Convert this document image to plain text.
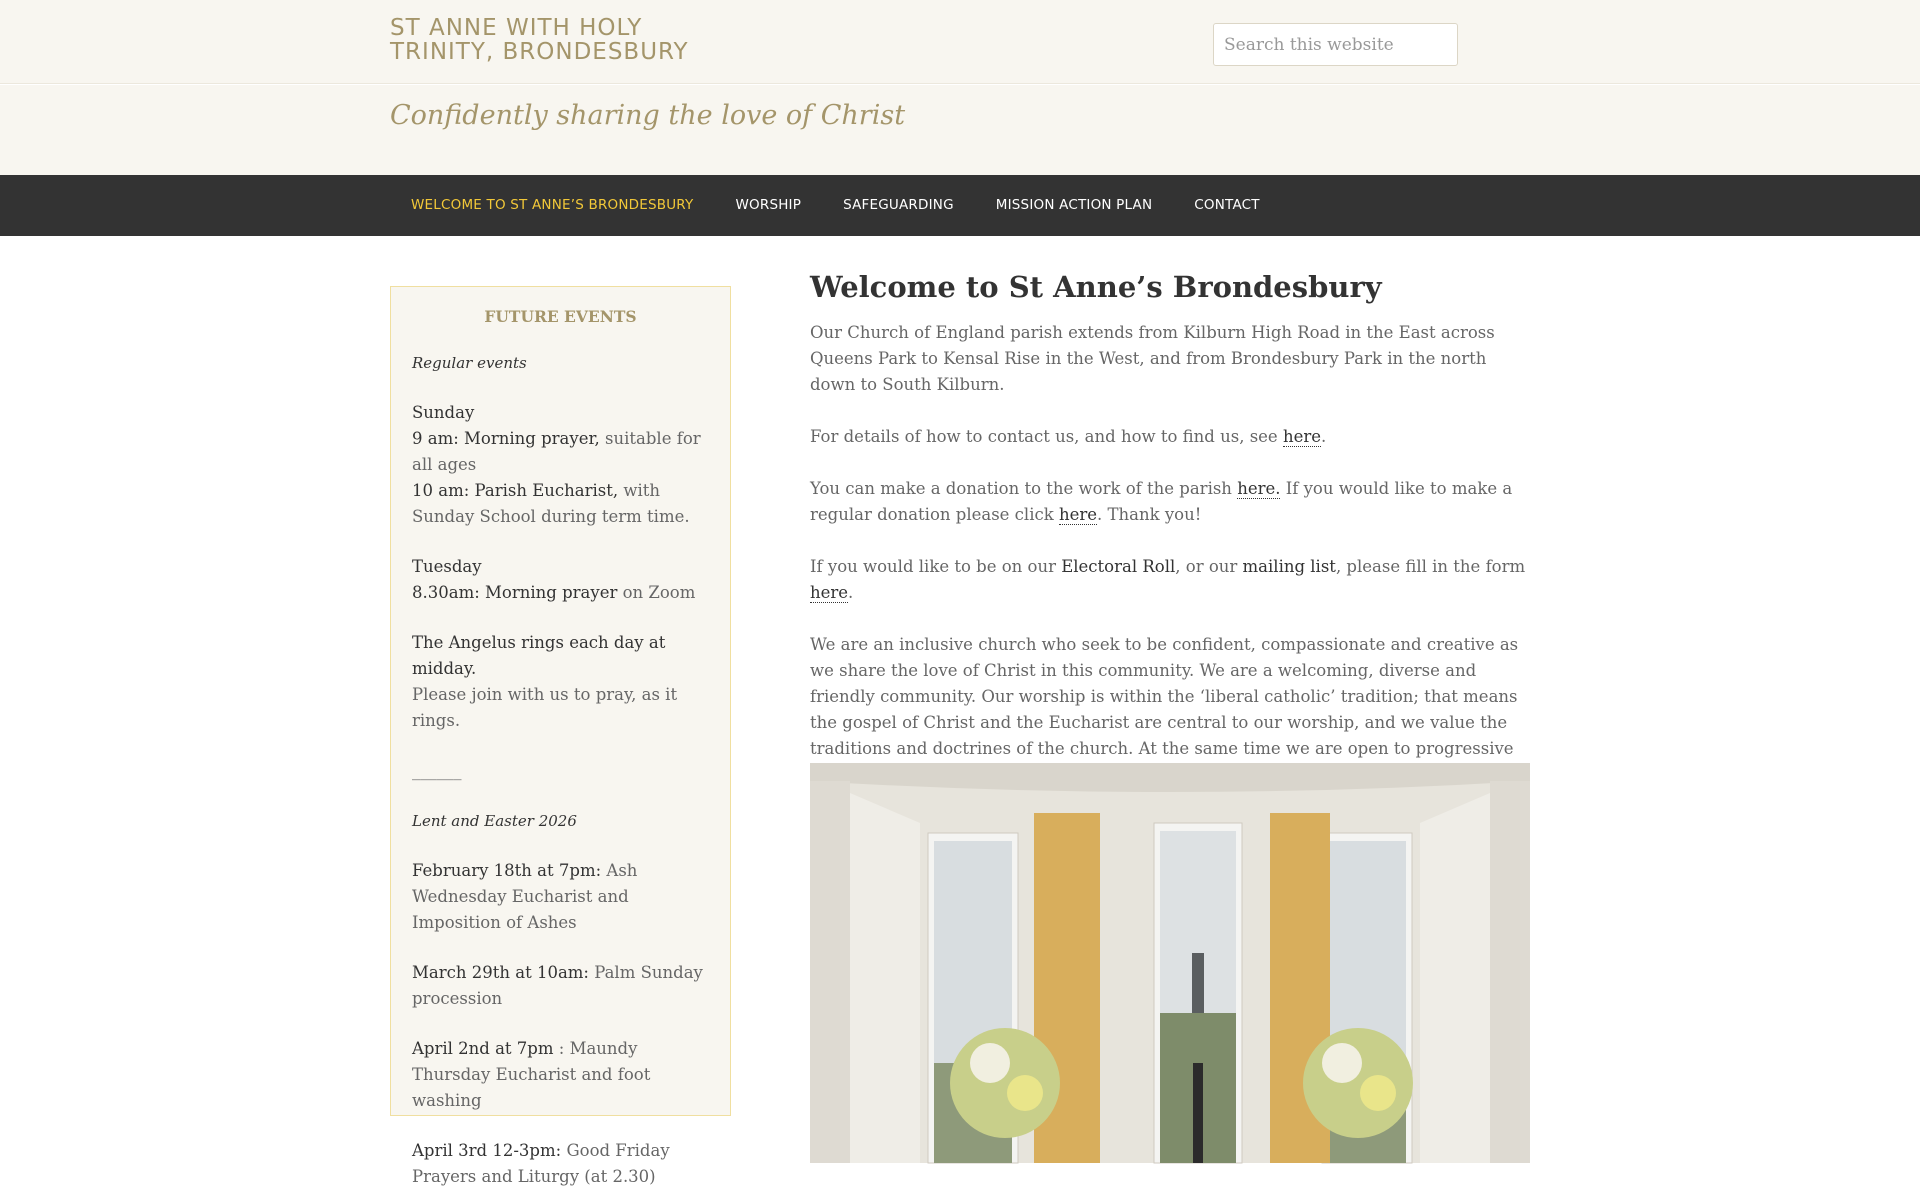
ST ANNE WITH HOLY TRINITY, BRONDESBURY
Search this website

Confidently sharing the love of Christ

WELCOME TO ST ANNE’S BRONDESBURY	WORSHIP	SAFEGUARDING	MISSION ACTION PLAN	CONTACT
FUTURE EVENTS

Regular events

Sunday

9 am: Morning prayer, suitable for all ages

10 am: Parish Eucharist, with Sunday School during term time.

Tuesday

8.30am: Morning prayer on Zoom

The Angelus rings each day at midday.

Please join with us to pray, as it rings.

______

Lent and Easter 2026

February 18th at 7pm: Ash Wednesday Eucharist and Imposition of Ashes

March 29th at 10am: Palm Sunday procession

April 2nd at 7pm : Maundy Thursday Eucharist and foot washing

April 3rd 12-3pm: Good Friday Prayers and Liturgy (at 2.30)

Welcome to St Anne’s Brondesbury

Our Church of England parish extends from Kilburn High Road in the East across Queens Park to Kensal Rise in the West, and from Brondesbury Park in the north down to South Kilburn.

For details of how to contact us, and how to find us, see here.

You can make a donation to the work of the parish here. If you would like to make a regular donation please click here. Thank you!

If you would like to be on our Electoral Roll, or our mailing list, please fill in the form here.

We are an inclusive church who seek to be confident, compassionate and creative as we share the love of Christ in this community. We are a welcoming, diverse and friendly community. Our worship is within the ‘liberal catholic’ tradition; that means the gospel of Christ and the Eucharist are central to our worship, and we value the traditions and doctrines of the church. At the same time we are open to progressive
